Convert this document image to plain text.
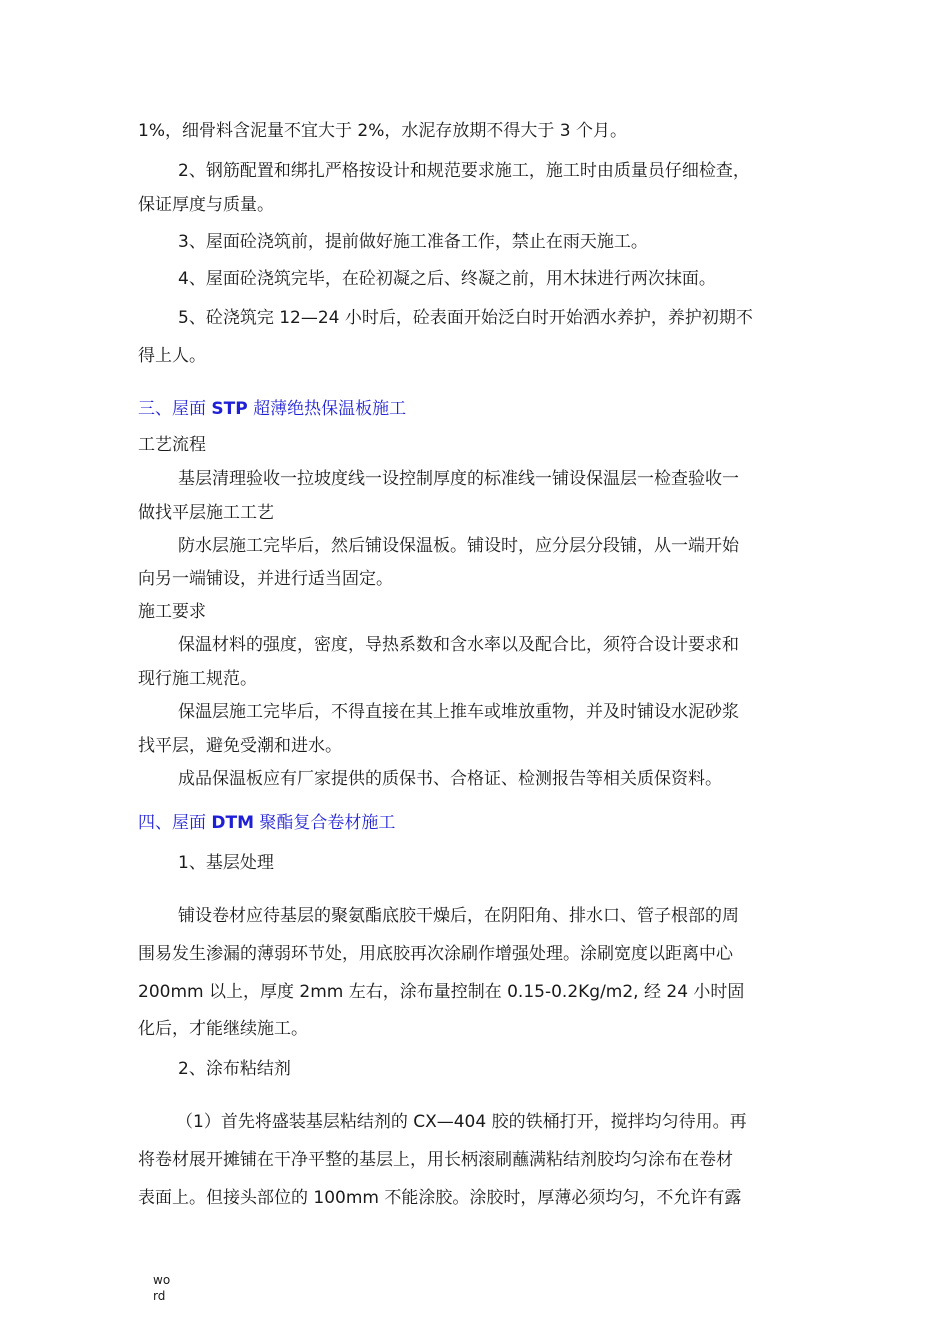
1%，细骨料含泥量不宜大于 2%，水泥存放期不得大于 3 个月。
2、钢筋配置和绑扎严格按设计和规范要求施工，施工时由质量员仔细检查，
保证厚度与质量。
3、屋面砼浇筑前，提前做好施工准备工作，禁止在雨天施工。
4、屋面砼浇筑完毕，在砼初凝之后、终凝之前，用木抹进行两次抹面。
5、砼浇筑完 12—24 小时后，砼表面开始泛白时开始洒水养护，养护初期不
得上人。
三、屋面 STP 超薄绝热保温板施工
工艺流程
基层清理验收一拉坡度线一设控制厚度的标准线一铺设保温层一检查验收一
做找平层施工工艺
防水层施工完毕后，然后铺设保温板。铺设时，应分层分段铺，从一端开始
向另一端铺设，并进行适当固定。
施工要求
保温材料的强度，密度，导热系数和含水率以及配合比，须符合设计要求和
现行施工规范。
保温层施工完毕后，不得直接在其上推车或堆放重物，并及时铺设水泥砂浆
找平层，避免受潮和进水。
成品保温板应有厂家提供的质保书、合格证、检测报告等相关质保资料。
四、屋面 DTM 聚酯复合卷材施工
1、基层处理
铺设卷材应待基层的聚氨酯底胶干燥后，在阴阳角、排水口、管子根部的周
围易发生渗漏的薄弱环节处，用底胶再次涂刷作增强处理。涂刷宽度以距离中心
200mm 以上，厚度 2mm 左右，涂布量控制在 0.15-0.2Kg/m2, 经 24 小时固
化后，才能继续施工。
2、涂布粘结剂
（1）首先将盛装基层粘结剂的 CX—404 胶的铁桶打开，搅拌均匀待用。再
将卷材展开摊铺在干净平整的基层上，用长柄滚刷蘸满粘结剂胶均匀涂布在卷材
表面上。但接头部位的 100mm 不能涂胶。涂胶时，厚薄必须均匀，不允许有露
wo
rd
